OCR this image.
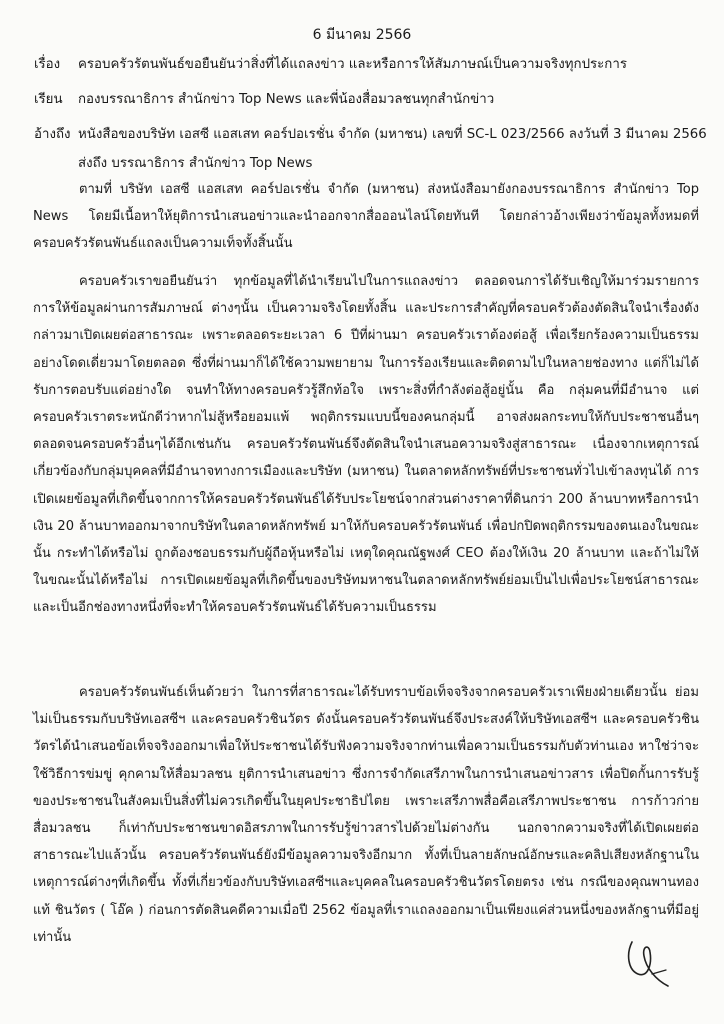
6 มีนาคม 2566
เรื่อง	ครอบครัวรัตนพันธ์ขอยืนยันว่าสิ่งที่ได้แถลงข่าว และหรือการให้สัมภาษณ์เป็นความจริงทุกประการ
เรียน	กองบรรณาธิการ สำนักข่าว Top News และพี่น้องสื่อมวลชนทุกสำนักข่าว
อ้างถึง หนังสือของบริษัท เอสซี แอสเสท คอร์ปอเรชั่น จำกัด (มหาชน) เลขที่ SC-L 023/2566 ลงวันที่ 3 มีนาคม 2566
ส่งถึง บรรณาธิการ สำนักข่าว Top News

ตามที่ บริษัท เอสซี แอสเสท คอร์ปอเรชั่น จำกัด (มหาชน) ส่งหนังสือมายังกองบรรณาธิการ สำนักข่าว Top News โดยมีเนื้อหาให้ยุติการนำเสนอข่าวและนำออกจากสื่อออนไลน์โดยทันที โดยกล่าวอ้างเพียงว่าข้อมูลทั้งหมดที่ครอบครัวรัตนพันธ์แถลงเป็นความเท็จทั้งสิ้นนั้น

ครอบครัวเราขอยืนยันว่า ทุกข้อมูลที่ได้นำเรียนไปในการแถลงข่าว ตลอดจนการได้รับเชิญให้มาร่วมรายการ การให้ข้อมูลผ่านการสัมภาษณ์ ต่างๆนั้น เป็นความจริงโดยทั้งสิ้น และประการสำคัญที่ครอบครัวต้องตัดสินใจนำเรื่องดังกล่าวมาเปิดเผยต่อสาธารณะ เพราะตลอดระยะเวลา 6 ปีที่ผ่านมา ครอบครัวเราต้องต่อสู้ เพื่อเรียกร้องความเป็นธรรม อย่างโดดเดี่ยวมาโดยตลอด ซึ่งที่ผ่านมาก็ได้ใช้ความพยายาม ในการร้องเรียนและติดตามไปในหลายช่องทาง แต่ก็ไม่ได้รับการตอบรับแต่อย่างใด จนทำให้ทางครอบครัวรู้สึกท้อใจ เพราะสิ่งที่กำลังต่อสู้อยู่นั้น คือ กลุ่มคนที่มีอำนาจ แต่ครอบครัวเราตระหนักดีว่าหากไม่สู้หรือยอมแพ้ พฤติกรรมแบบนี้ของคนกลุ่มนี้ อาจส่งผลกระทบให้กับประชาชนอื่นๆ ตลอดจนครอบครัวอื่นๆได้อีกเช่นกัน ครอบครัวรัตนพันธ์จึงตัดสินใจนำเสนอความจริงสู่สาธารณะ เนื่องจากเหตุการณ์เกี่ยวข้องกับกลุ่มบุคคลที่มีอำนาจทางการเมืองและบริษัท (มหาชน) ในตลาดหลักทรัพย์ที่ประชาชนทั่วไปเข้าลงทุนได้ การเปิดเผยข้อมูลที่เกิดขึ้นจากการให้ครอบครัวรัตนพันธ์ได้รับประโยชน์จากส่วนต่างราคาที่ดินกว่า 200 ล้านบาทหรือการนำเงิน 20 ล้านบาทออกมาจากบริษัทในตลาดหลักทรัพย์ มาให้กับครอบครัวรัตนพันธ์ เพื่อปกปิดพฤติกรรมของตนเองในขณะนั้น กระทำได้หรือไม่ ถูกต้องชอบธรรมกับผู้ถือหุ้นหรือไม่ เหตุใดคุณณัฐพงศ์ CEO ต้องให้เงิน 20 ล้านบาท และถ้าไม่ให้ในขณะนั้นได้หรือไม่ การเปิดเผยข้อมูลที่เกิดขึ้นของบริษัทมหาชนในตลาดหลักทรัพย์ย่อมเป็นไปเพื่อประโยชน์สาธารณะ และเป็นอีกช่องทางหนึ่งที่จะทำให้ครอบครัวรัตนพันธ์ได้รับความเป็นธรรม

ครอบครัวรัตนพันธ์เห็นด้วยว่า ในการที่สาธารณะได้รับทราบข้อเท็จจริงจากครอบครัวเราเพียงฝ่ายเดียวนั้น ย่อมไม่เป็นธรรมกับบริษัทเอสซีฯ และครอบครัวชินวัตร ดังนั้นครอบครัวรัตนพันธ์จึงประสงค์ให้บริษัทเอสซีฯ และครอบครัวชินวัตรได้นำเสนอข้อเท็จจริงออกมาเพื่อให้ประชาชนได้รับฟังความจริงจากท่านเพื่อความเป็นธรรมกับตัวท่านเอง หาใช่ว่าจะใช้วิธีการข่มขู่ คุกคามให้สื่อมวลชน ยุติการนำเสนอข่าว ซึ่งการจำกัดเสรีภาพในการนำเสนอข่าวสาร เพื่อปิดกั้นการรับรู้ของประชาชนในสังคมเป็นสิ่งที่ไม่ควรเกิดขึ้นในยุคประชาธิปไตย เพราะเสรีภาพสื่อคือเสรีภาพประชาชน การก้าวก่ายสื่อมวลชน ก็เท่ากับประชาชนขาดอิสรภาพในการรับรู้ข่าวสารไปด้วยไม่ต่างกัน นอกจากความจริงที่ได้เปิดเผยต่อสาธารณะไปแล้วนั้น ครอบครัวรัตนพันธ์ยังมีข้อมูลความจริงอีกมาก ทั้งที่เป็นลายลักษณ์อักษรและคลิปเสียงหลักฐานในเหตุการณ์ต่างๆที่เกิดขึ้น ทั้งที่เกี่ยวข้องกับบริษัทเอสซีฯและบุคคลในครอบครัวชินวัตรโดยตรง เช่น กรณีของคุณพานทองแท้ ชินวัตร ( โอ๊ค ) ก่อนการตัดสินคดีความเมื่อปี 2562 ข้อมูลที่เราแถลงออกมาเป็นเพียงแค่ส่วนหนึ่งของหลักฐานที่มีอยู่เท่านั้น
